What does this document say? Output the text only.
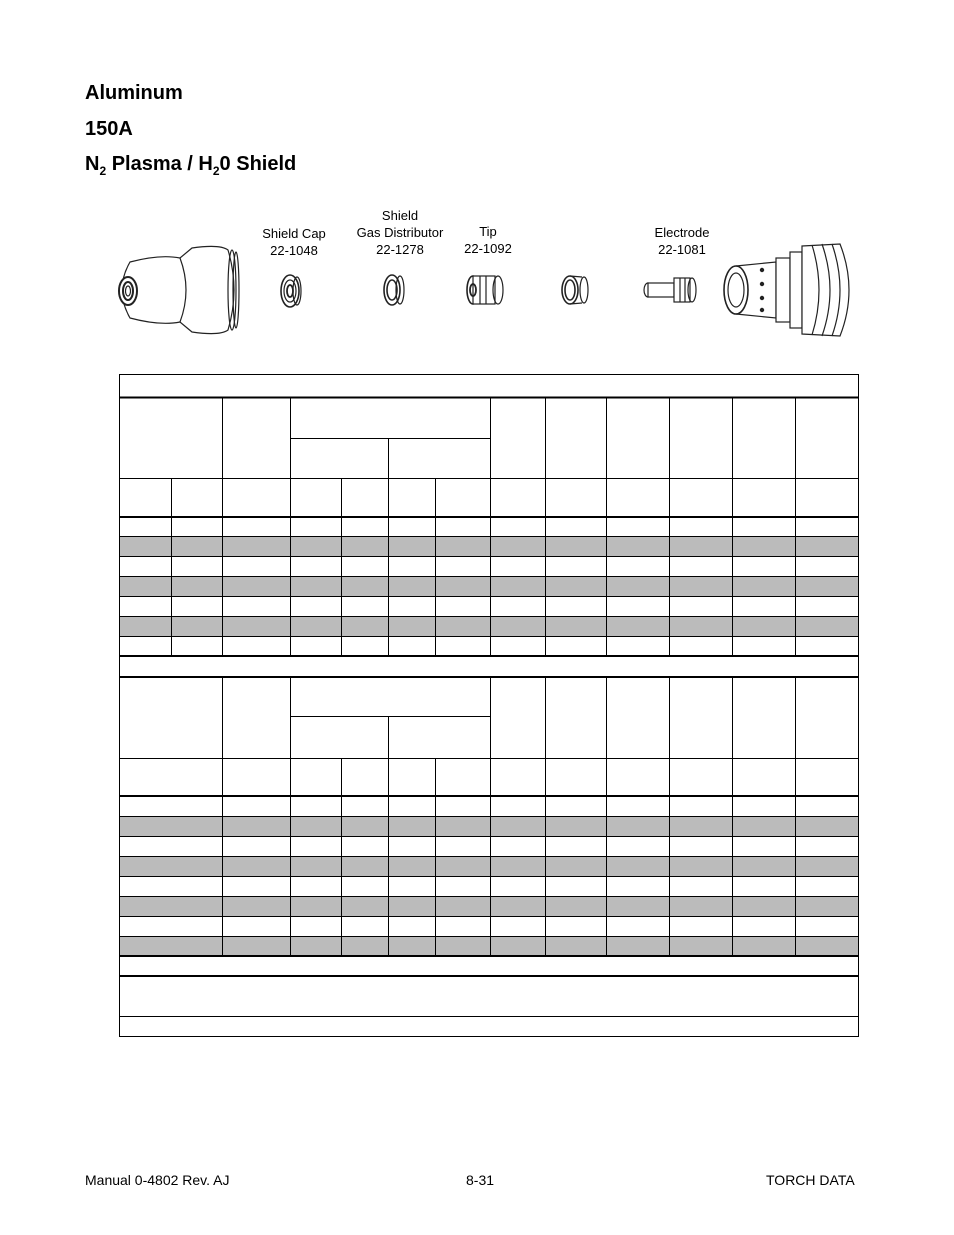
Aluminum
150A
$N_2$ Plasma / $H_20$ Shield
Shield Cap
22-1048
Shield
Gas Distributor
22-1278
Tip
22-1092
Electrode
22-1081
Manual 0-4802 Rev. AJ	8-31	TORCH DATA
